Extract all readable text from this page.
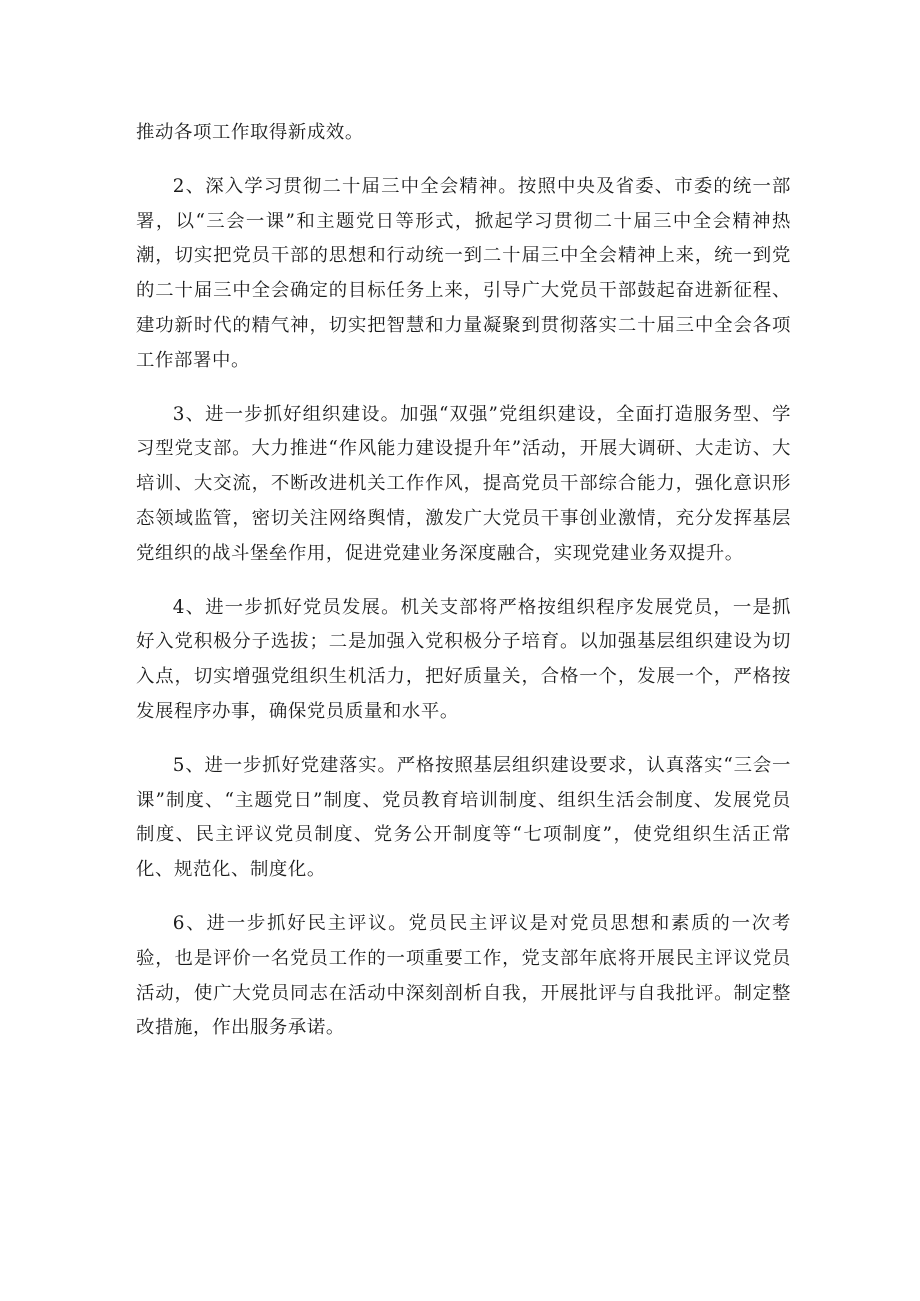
推动各项工作取得新成效。

2、深入学习贯彻二十届三中全会精神。按照中央及省委、市委的统一部署，以“三会一课”和主题党日等形式，掀起学习贯彻二十届三中全会精神热潮，切实把党员干部的思想和行动统一到二十届三中全会精神上来，统一到党的二十届三中全会确定的目标任务上来，引导广大党员干部鼓起奋进新征程、建功新时代的精气神，切实把智慧和力量凝聚到贯彻落实二十届三中全会各项工作部署中。

3、进一步抓好组织建设。加强“双强”党组织建设，全面打造服务型、学习型党支部。大力推进“作风能力建设提升年”活动，开展大调研、大走访、大培训、大交流，不断改进机关工作作风，提高党员干部综合能力，强化意识形态领域监管，密切关注网络舆情，激发广大党员干事创业激情，充分发挥基层党组织的战斗堡垒作用，促进党建业务深度融合，实现党建业务双提升。

4、进一步抓好党员发展。机关支部将严格按组织程序发展党员，一是抓好入党积极分子选拔；二是加强入党积极分子培育。以加强基层组织建设为切入点，切实增强党组织生机活力，把好质量关，合格一个，发展一个，严格按发展程序办事，确保党员质量和水平。

5、进一步抓好党建落实。严格按照基层组织建设要求，认真落实“三会一课”制度、“主题党日”制度、党员教育培训制度、组织生活会制度、发展党员制度、民主评议党员制度、党务公开制度等“七项制度”，使党组织生活正常化、规范化、制度化。

6、进一步抓好民主评议。党员民主评议是对党员思想和素质的一次考验，也是评价一名党员工作的一项重要工作，党支部年底将开展民主评议党员活动，使广大党员同志在活动中深刻剖析自我，开展批评与自我批评。制定整改措施，作出服务承诺。
